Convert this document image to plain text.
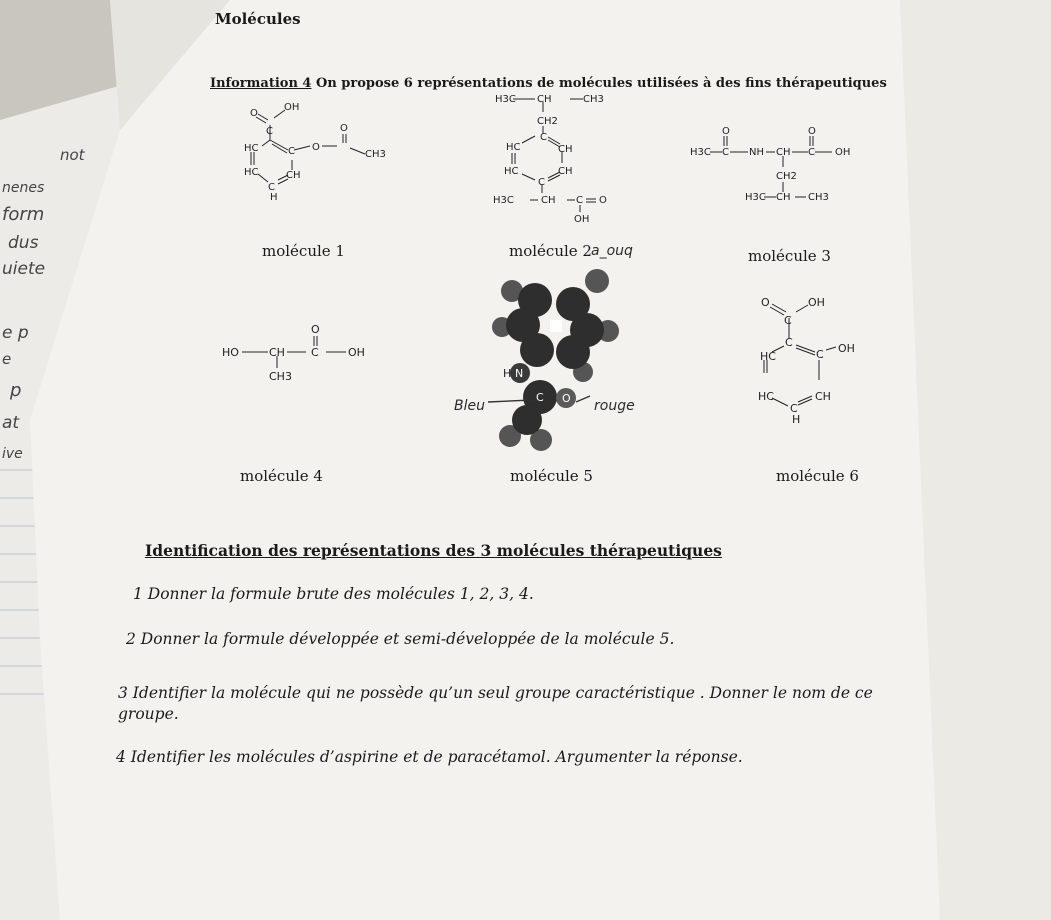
Molécules
Information 4 On propose 6 représentations de molécules utilisées à des fins thérapeutiques
O
OH
C
O
HC	C
O
CH3
HC	CH
C
H
H3C CH	CH3
CH2
HC
C
CH
HC	CH
C
H3C	CH C O
OH
H3C C
O
NH CH C
O
OH
CH2
H3C CH CH3
HO	CH C
O
OH
CH3	H N
C O
O	OH
C
HC
C
C OH
HC	CH
C
H
a_ouq
Bleu	rouge
not
nenes
form
dus
uiete
e p
e
p
at
ive
molécule 1	molécule 2	molécule 3
molécule 4	molécule 5	molécule 6
Identification des représentations des 3 molécules thérapeutiques
1 Donner la formule brute des molécules 1, 2, 3, 4.
2 Donner la formule développée et semi-développée de la molécule 5.
3 Identifier la molécule qui ne possède qu’un seul groupe caractéristique . Donner le nom de ce groupe.
4 Identifier les molécules d’aspirine et de paracétamol. Argumenter la réponse.
